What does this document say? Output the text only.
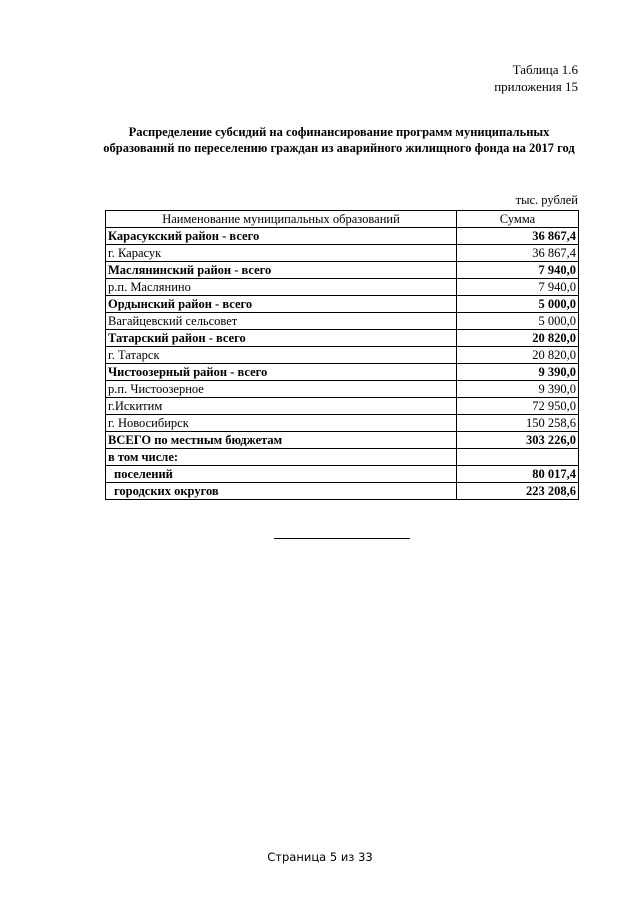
Таблица 1.6
приложения 15
Распределение субсидий на софинансирование программ муниципальных образований по переселению граждан из аварийного жилищного фонда на 2017 год
тыс. рублей
Наименование муниципальных образований	Сумма
Карасукский район - всего	36 867,4
г. Карасук	36 867,4
Маслянинский район - всего	7 940,0
р.п. Маслянино	7 940,0
Ордынский район - всего	5 000,0
Вагайцевский сельсовет	5 000,0
Татарский район - всего	20 820,0
г. Татарск	20 820,0
Чистоозерный район - всего	9 390,0
р.п. Чистоозерное	9 390,0
г.Искитим	72 950,0
г. Новосибирск	150 258,6
ВСЕГО по местным бюджетам	303 226,0
в том числе:	
поселений	80 017,4
городских округов	223 208,6
Страница 5 из 33
